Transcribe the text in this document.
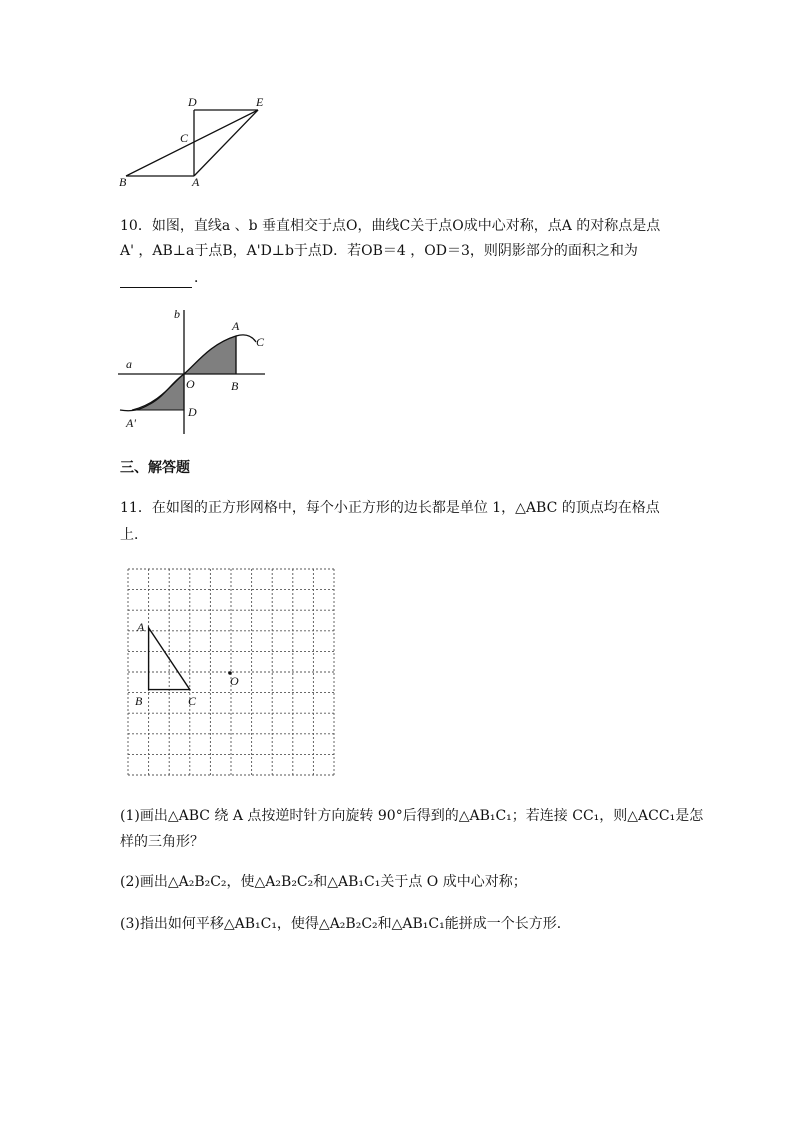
D	E
C
B	A
10．如图，直线a 、b 垂直相交于点O，曲线C关于点O成中心对称，点A 的对称点是点
A' ，AB⊥a于点B，A'D⊥b于点D．若OB＝4 ，OD＝3，则阴影部分的面积之和为
．
b
a
A
C
O	B
D
A'
三、解答题
11．在如图的正方形网格中，每个小正方形的边长都是单位 1，△ABC 的顶点均在格点
上．
A
B	C
O
(1)画出△ABC 绕 A 点按逆时针方向旋转 90°后得到的△AB₁C₁；若连接 CC₁，则△ACC₁是怎
样的三角形？
(2)画出△A₂B₂C₂，使△A₂B₂C₂和△AB₁C₁关于点 O 成中心对称；
(3)指出如何平移△AB₁C₁，使得△A₂B₂C₂和△AB₁C₁能拼成一个长方形．
